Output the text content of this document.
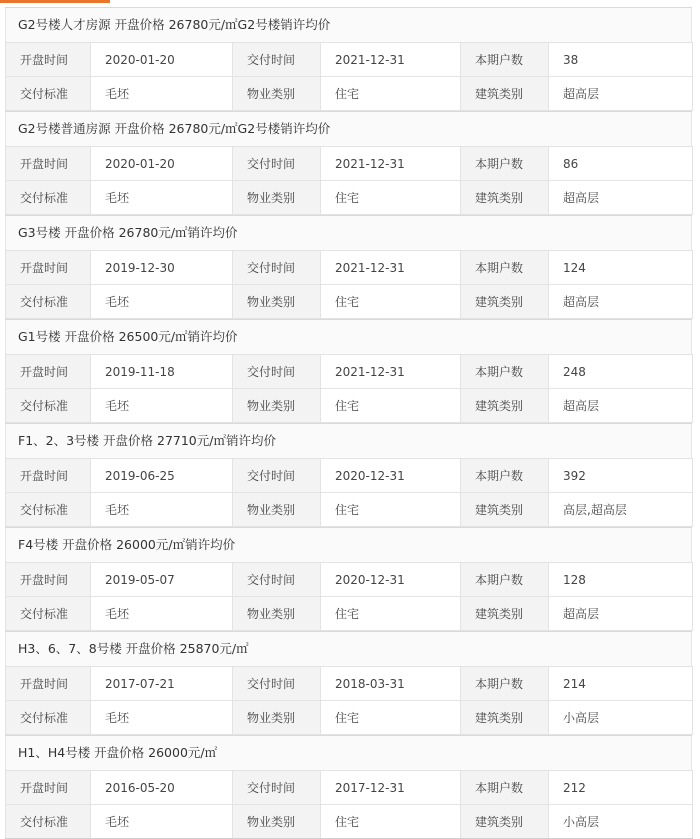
G2号楼人才房源 开盘价格 26780元/㎡G2号楼销许均价
开盘时间	2020-01-20	交付时间	2021-12-31	本期户数	38
交付标准	毛坯	物业类别	住宅	建筑类别	超高层
G2号楼普通房源 开盘价格 26780元/㎡G2号楼销许均价
开盘时间	2020-01-20	交付时间	2021-12-31	本期户数	86
交付标准	毛坯	物业类别	住宅	建筑类别	超高层
G3号楼 开盘价格 26780元/㎡销许均价
开盘时间	2019-12-30	交付时间	2021-12-31	本期户数	124
交付标准	毛坯	物业类别	住宅	建筑类别	超高层
G1号楼 开盘价格 26500元/㎡销许均价
开盘时间	2019-11-18	交付时间	2021-12-31	本期户数	248
交付标准	毛坯	物业类别	住宅	建筑类别	超高层
F1、2、3号楼 开盘价格 27710元/㎡销许均价
开盘时间	2019-06-25	交付时间	2020-12-31	本期户数	392
交付标准	毛坯	物业类别	住宅	建筑类别	高层,超高层
F4号楼 开盘价格 26000元/㎡销许均价
开盘时间	2019-05-07	交付时间	2020-12-31	本期户数	128
交付标准	毛坯	物业类别	住宅	建筑类别	超高层
H3、6、7、8号楼 开盘价格 25870元/㎡
开盘时间	2017-07-21	交付时间	2018-03-31	本期户数	214
交付标准	毛坯	物业类别	住宅	建筑类别	小高层
H1、H4号楼 开盘价格 26000元/㎡
开盘时间	2016-05-20	交付时间	2017-12-31	本期户数	212
交付标准	毛坯	物业类别	住宅	建筑类别	小高层
